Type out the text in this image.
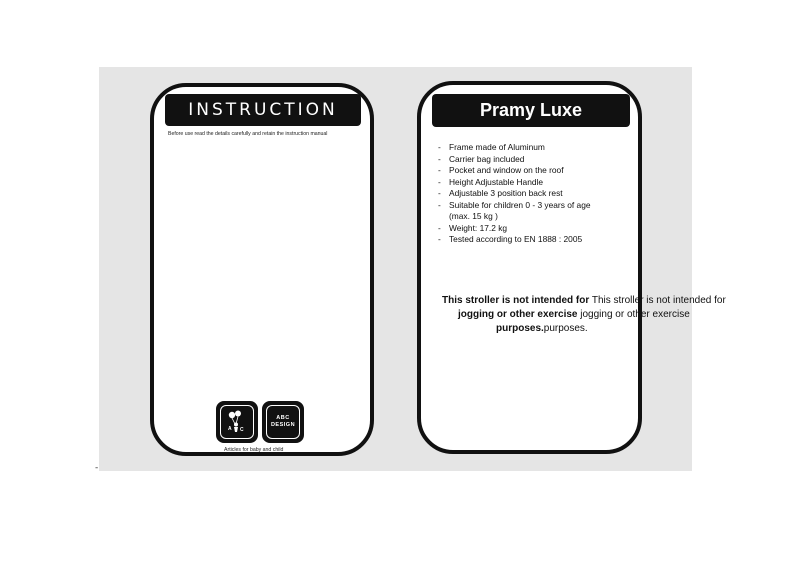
-
INSTRUCTION
Before use read the details carefully and retain the instruction manual
A C
ABC
DESIGN
Articles for baby and child
Pramy Luxe
- Frame made of Aluminum
- Carrier bag included
- Pocket and window on the roof
- Height Adjustable Handle
- Adjustable 3 position back rest
- Suitable for children 0 - 3 years of age
(max. 15 kg )
- Weight: 17.2 kg
- Tested according to EN 1888 : 2005
This stroller is not intended for This stroller is not intended for
jogging or other exercise jogging or other exercise
purposes.purposes.
